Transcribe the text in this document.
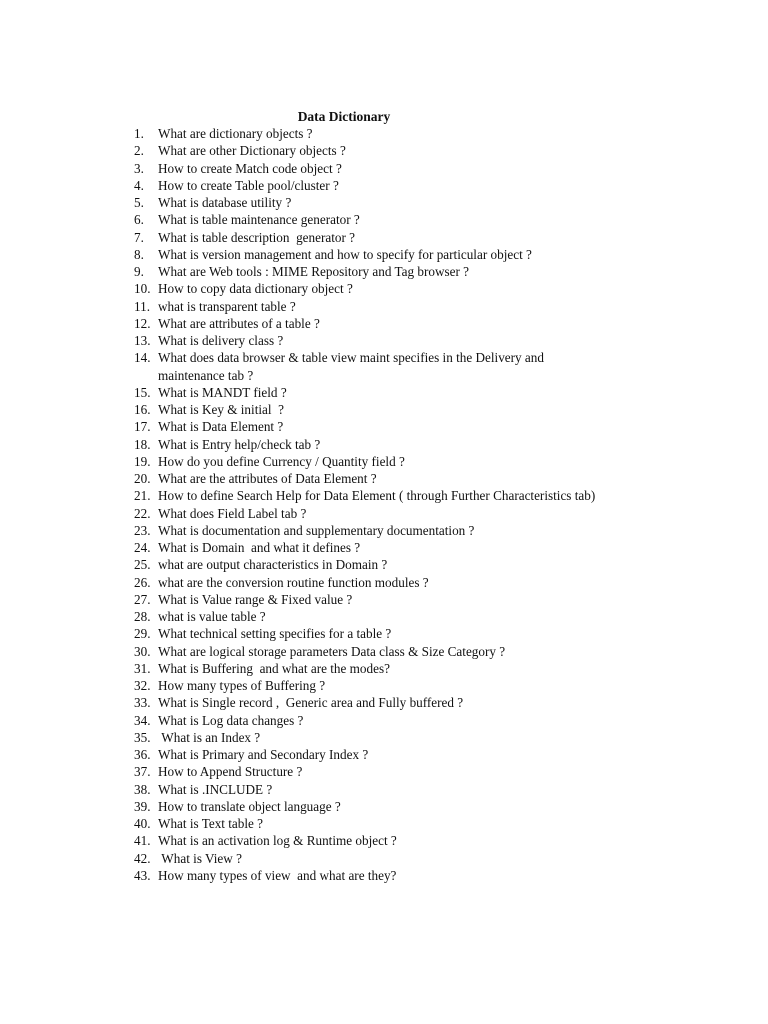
Data Dictionary
1.	What are dictionary objects ?
2.	What are other Dictionary objects ?
3.	How to create Match code object ?
4.	How to create Table pool/cluster ?
5.	What is database utility ?
6.	What is table maintenance generator ?
7.	What is table description  generator ?
8.	What is version management and how to specify for particular object ?
9.	What are Web tools : MIME Repository and Tag browser ?
10. How to copy data dictionary object ?
11. what is transparent table ?
12. What are attributes of a table ?
13. What is delivery class ?
14. What does data browser & table view maint specifies in the Delivery and
maintenance tab ?
15. What is MANDT field ?
16. What is Key & initial  ?
17. What is Data Element ?
18. What is Entry help/check tab ?
19. How do you define Currency / Quantity field ?
20. What are the attributes of Data Element ?
21. How to define Search Help for Data Element ( through Further Characteristics tab)
22. What does Field Label tab ?
23. What is documentation and supplementary documentation ?
24. What is Domain  and what it defines ?
25. what are output characteristics in Domain ?
26. what are the conversion routine function modules ?
27. What is Value range & Fixed value ?
28. what is value table ?
29. What technical setting specifies for a table ?
30. What are logical storage parameters Data class & Size Category ?
31. What is Buffering  and what are the modes?
32. How many types of Buffering ?
33. What is Single record ,  Generic area and Fully buffered ?
34. What is Log data changes ?
35. What is an Index ?
36. What is Primary and Secondary Index ?
37. How to Append Structure ?
38. What is .INCLUDE ?
39. How to translate object language ?
40. What is Text table ?
41. What is an activation log & Runtime object ?
42. What is View ?
43. How many types of view  and what are they?
